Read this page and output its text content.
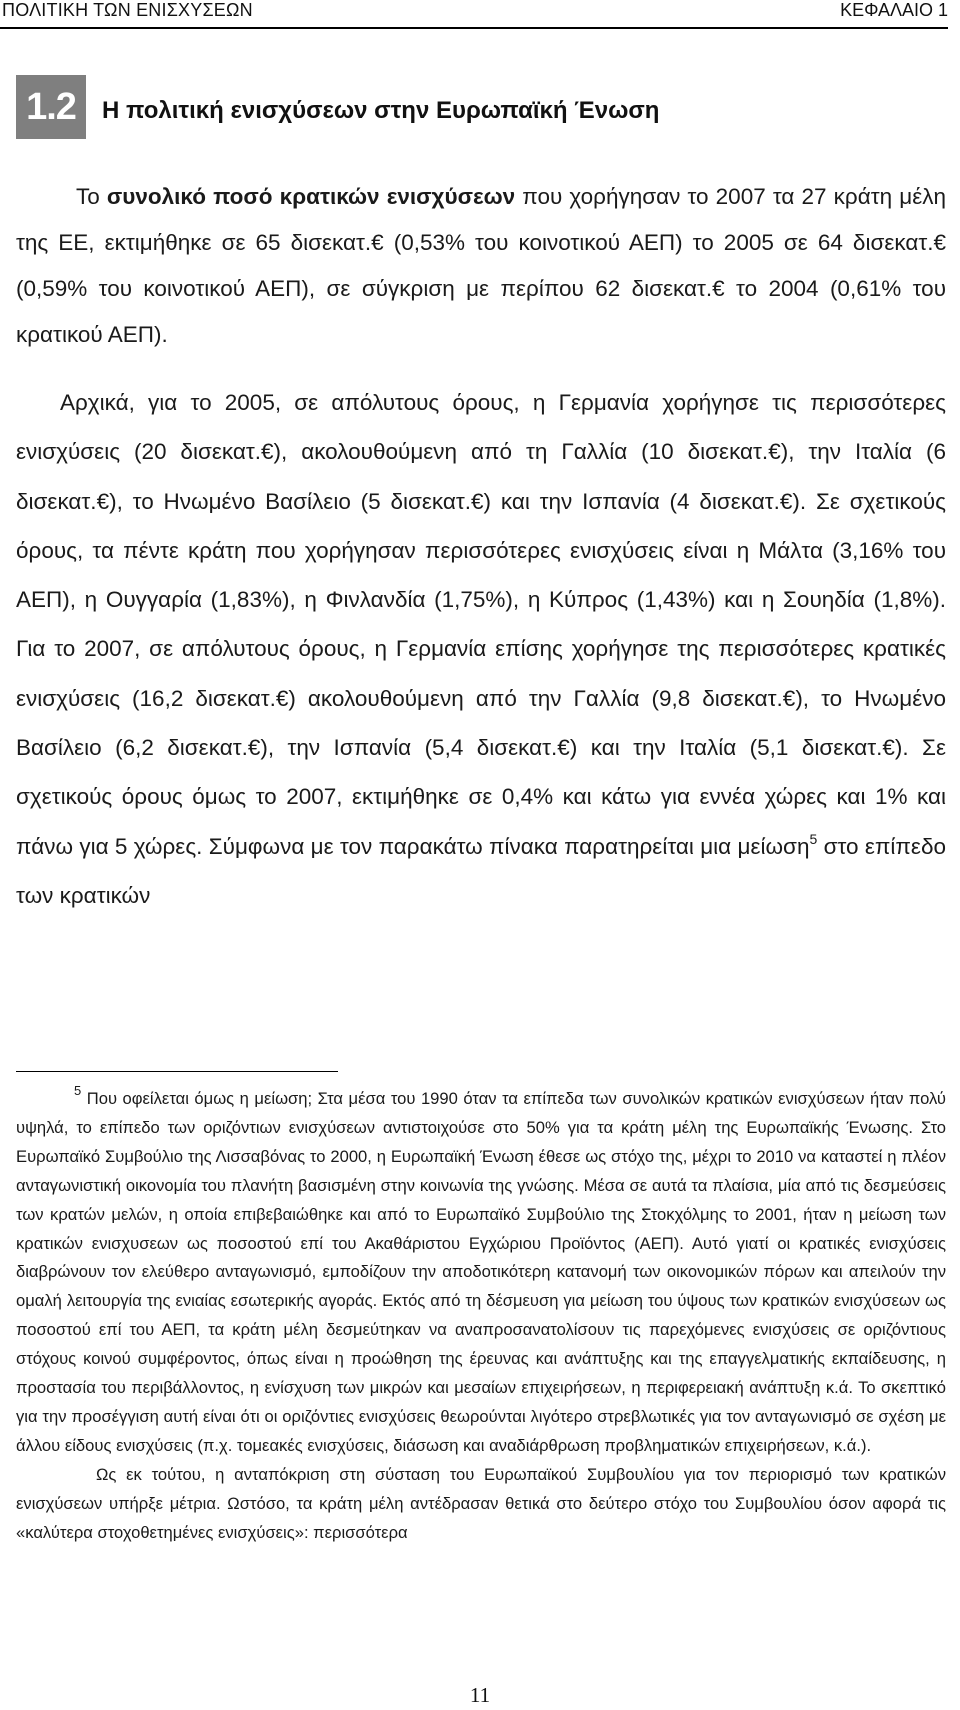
ΠΟΛΙΤΙΚΗ ΤΩΝ ΕΝΙΣΧΥΣΕΩΝ	ΚΕΦΑΛΑΙΟ 1
1.2	Η πολιτική ενισχύσεων στην Ευρωπαϊκή Ένωση
Το συνολικό ποσό κρατικών ενισχύσεων που χορήγησαν το 2007 τα 27 κράτη μέλη της ΕΕ, εκτιμήθηκε σε 65 δισεκατ.€ (0,53% του κοινοτικού ΑΕΠ) το 2005 σε 64 δισεκατ.€ (0,59% του κοινοτικού ΑΕΠ), σε σύγκριση με περίπου 62 δισεκατ.€ το 2004 (0,61% του κρατικού ΑΕΠ).
Αρχικά, για το 2005, σε απόλυτους όρους, η Γερμανία χορήγησε τις περισσότερες ενισχύσεις (20 δισεκατ.€), ακολουθούμενη από τη Γαλλία (10 δισεκατ.€), την Ιταλία (6 δισεκατ.€), το Ηνωμένο Βασίλειο (5 δισεκατ.€) και την Ισπανία (4 δισεκατ.€). Σε σχετικούς όρους, τα πέντε κράτη που χορήγησαν περισσότερες ενισχύσεις είναι η Μάλτα (3,16% του ΑΕΠ), η Ουγγαρία (1,83%), η Φινλανδία (1,75%), η Κύπρος (1,43%) και η Σουηδία (1,8%). Για το 2007, σε απόλυτους όρους, η Γερμανία επίσης χορήγησε της περισσότερες κρατικές ενισχύσεις (16,2 δισεκατ.€) ακολουθούμενη από την Γαλλία (9,8 δισεκατ.€), το Ηνωμένο Βασίλειο (6,2 δισεκατ.€), την Ισπανία (5,4 δισεκατ.€) και την Ιταλία (5,1 δισεκατ.€). Σε σχετικούς όρους όμως το 2007, εκτιμήθηκε σε 0,4% και κάτω για εννέα χώρες και 1% και πάνω για 5 χώρες. Σύμφωνα με τον παρακάτω πίνακα παρατηρείται μια μείωση$^5$ στο επίπεδο των κρατικών
$^5$ Που οφείλεται όμως η μείωση; Στα μέσα του 1990 όταν τα επίπεδα των συνολικών κρατικών ενισχύσεων ήταν πολύ υψηλά, το επίπεδο των οριζόντιων ενισχύσεων αντιστοιχούσε στο 50% για τα κράτη μέλη της Ευρωπαϊκής Ένωσης. Στο Ευρωπαϊκό Συμβούλιο της Λισσαβόνας το 2000, η Ευρωπαϊκή Ένωση έθεσε ως στόχο της, μέχρι το 2010 να καταστεί η πλέον ανταγωνιστική οικονομία του πλανήτη βασισμένη στην κοινωνία της γνώσης. Μέσα σε αυτά τα πλαίσια, μία από τις δεσμεύσεις των κρατών μελών, η οποία επιβεβαιώθηκε και από το Ευρωπαϊκό Συμβούλιο της Στοκχόλμης το 2001, ήταν η μείωση των κρατικών ενισχυσεων ως ποσοστού επί του Ακαθάριστου Εγχώριου Προϊόντος (ΑΕΠ). Αυτό γιατί οι κρατικές ενισχύσεις διαβρώνουν τον ελεύθερο ανταγωνισμό, εμποδίζουν την αποδοτικότερη κατανομή των οικονομικών πόρων και απειλούν την ομαλή λειτουργία της ενιαίας εσωτερικής αγοράς. Εκτός από τη δέσμευση για μείωση του ύψους των κρατικών ενισχύσεων ως ποσοστού επί του ΑΕΠ, τα κράτη μέλη δεσμεύτηκαν να αναπροσανατολίσουν τις παρεχόμενες ενισχύσεις σε οριζόντιους στόχους κοινού συμφέροντος, όπως είναι η προώθηση της έρευνας και ανάπτυξης και της επαγγελματικής εκπαίδευσης, η προστασία του περιβάλλοντος, η ενίσχυση των μικρών και μεσαίων επιχειρήσεων, η περιφερειακή ανάπτυξη κ.ά. Το σκεπτικό για την προσέγγιση αυτή είναι ότι οι οριζόντιες ενισχύσεις θεωρούνται λιγότερο στρεβλωτικές για τον ανταγωνισμό σε σχέση με άλλου είδους ενισχύσεις (π.χ. τομεακές ενισχύσεις, διάσωση και αναδιάρθρωση προβληματικών επιχειρήσεων, κ.ά.).
Ως εκ τούτου, η ανταπόκριση στη σύσταση του Ευρωπαϊκού Συμβουλίου για τον περιορισμό των κρατικών ενισχύσεων υπήρξε μέτρια. Ωστόσο, τα κράτη μέλη αντέδρασαν θετικά στο δεύτερο στόχο του Συμβουλίου όσον αφορά τις «καλύτερα στοχοθετημένες ενισχύσεις»: περισσότερα
11
